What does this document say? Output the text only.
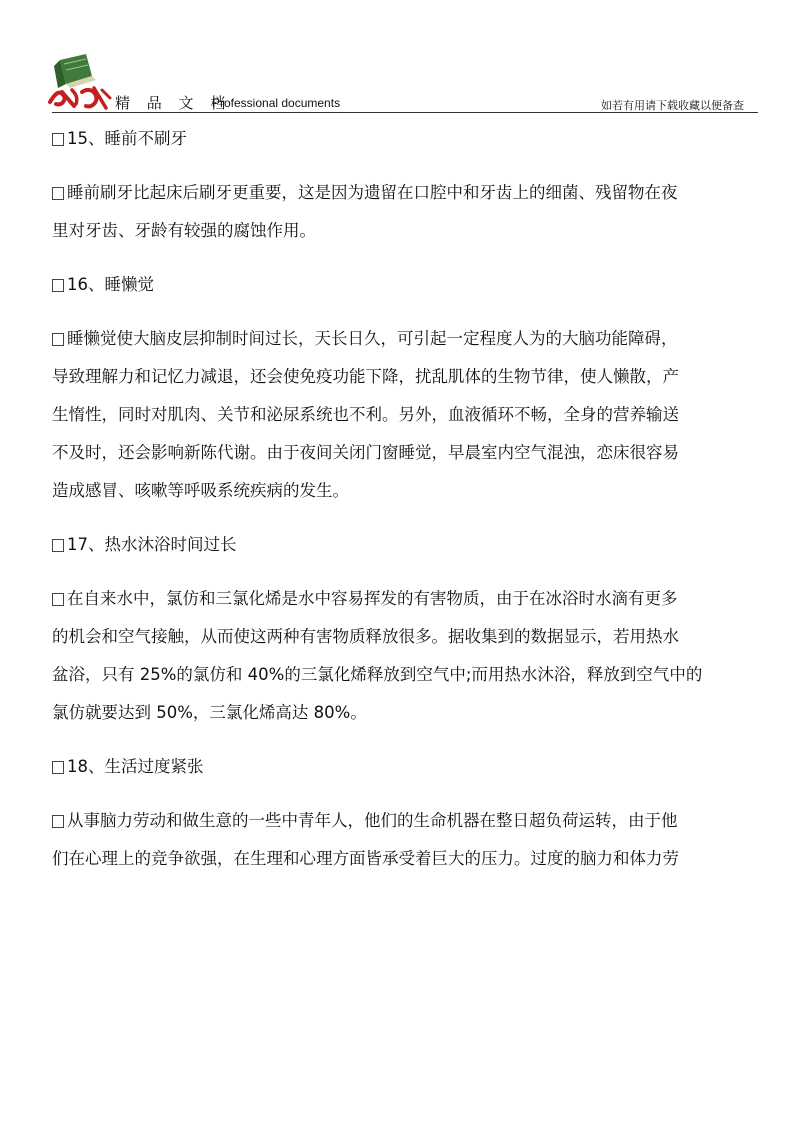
精 品 文 档
Professional documents	如若有用请下载收藏以便备查
15、睡前不刷牙
睡前刷牙比起床后刷牙更重要，这是因为遗留在口腔中和牙齿上的细菌、残留物在夜
里对牙齿、牙龄有较强的腐蚀作用。
16、睡懒觉
睡懒觉使大脑皮层抑制时间过长，天长日久，可引起一定程度人为的大脑功能障碍，
导致理解力和记忆力减退，还会使免疫功能下降，扰乱肌体的生物节律，使人懒散，产
生惰性，同时对肌肉、关节和泌尿系统也不利。另外，血液循环不畅，全身的营养输送
不及时，还会影响新陈代谢。由于夜间关闭门窗睡觉，早晨室内空气混浊，恋床很容易
造成感冒、咳嗽等呼吸系统疾病的发生。
17、热水沐浴时间过长
在自来水中，氯仿和三氯化烯是水中容易挥发的有害物质，由于在冰浴时水滴有更多
的机会和空气接触，从而使这两种有害物质释放很多。据收集到的数据显示，若用热水
盆浴，只有 25%的氯仿和 40%的三氯化烯释放到空气中;而用热水沐浴，释放到空气中的
氯仿就要达到 50%，三氯化烯高达 80%。
18、生活过度紧张
从事脑力劳动和做生意的一些中青年人，他们的生命机器在整日超负荷运转，由于他
们在心理上的竞争欲强，在生理和心理方面皆承受着巨大的压力。过度的脑力和体力劳
